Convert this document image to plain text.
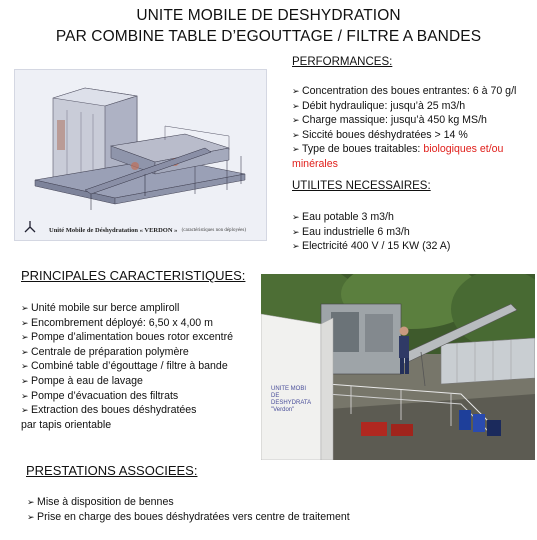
UNITE MOBILE DE DESHYDRATION
PAR COMBINE TABLE D’EGOUTTAGE / FILTRE A BANDES
Unité Mobile de Déshydratation « VERDON » (caractéristiques non déployées)
PERFORMANCES:
➢ Concentration des boues entrantes: 6 à 70 g/l
➢ Débit hydraulique: jusqu’à 25 m3/h
➢ Charge massique: jusqu’à 450 kg MS/h
➢ Siccité boues déshydratées > 14 %
➢ Type de boues traitables: biologiques et/ou
minérales
UTILITES NECESSAIRES:
➢ Eau potable 3 m3/h
➢ Eau industrielle 6 m3/h
➢ Electricité 400 V / 15 KW (32 A)
PRINCIPALES CARACTERISTIQUES:
➢ Unité mobile sur berce ampliroll
➢ Encombrement déployé: 6,50 x 4,00 m
➢ Pompe d’alimentation boues rotor excentré
➢ Centrale de préparation polymère
➢ Combiné table d’égouttage / filtre à bande
➢ Pompe à eau de lavage
➢ Pompe d’évacuation des filtrats
➢ Extraction des boues déshydratées
par tapis orientable
UNITE MOBI
DE
DESHYDRATA
"Verdon"
PRESTATIONS ASSOCIEES:
➢ Mise à disposition de bennes
➢ Prise en charge des boues déshydratées vers centre de traitement
